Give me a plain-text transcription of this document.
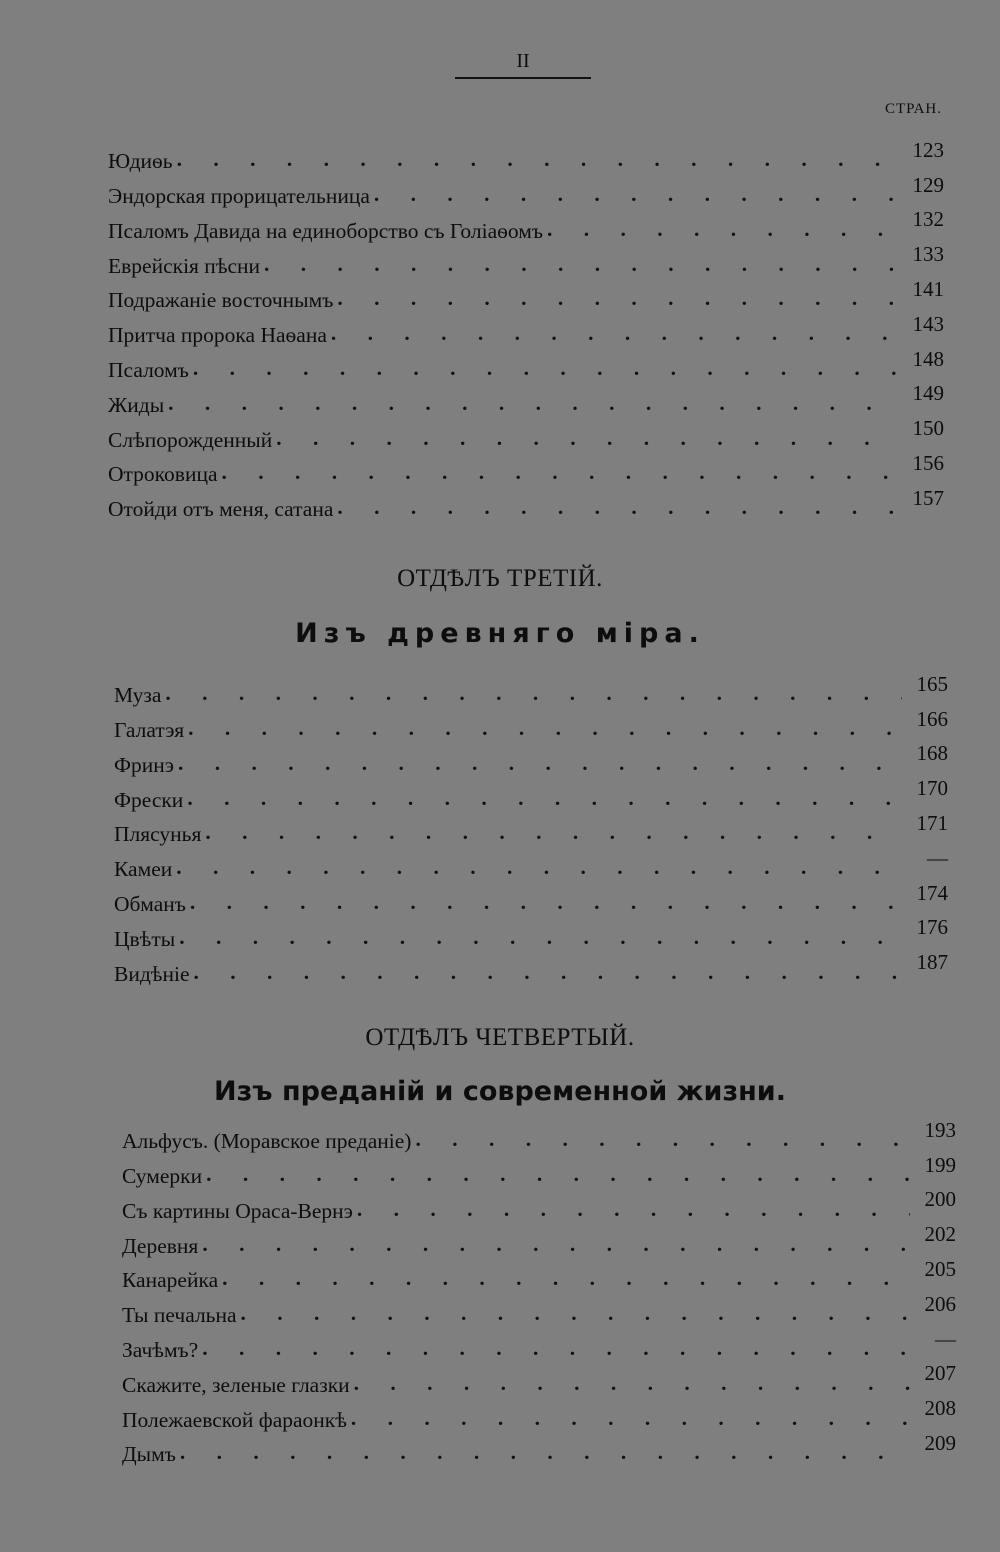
II
СТРАН.
Юдиѳь . . .	123
Эндорская прорицательница . . .	129
Псаломъ Давида на единоборство съ Голіаѳомъ . . .	132
Еврейскія пѣсни . . .	133
Подражаніе восточнымъ . . .	141
Притча пророка Наѳана . . .	143
Псаломъ . . .	148
Жиды . . .	149
Слѣпорожденный . . .	150
Отроковица . . .	156
Отойди отъ меня, сатана . . .	157
ОТДѢЛЪ ТРЕТІЙ.
Изъ древняго міра.
Муза . . .	165
Галатэя . . .	166
Фринэ . . .	168
Фрески . . .	170
Плясунья . . .	171
Камеи . . .	—
Обманъ . . .	174
Цвѣты . . .	176
Видѣніе . . .	187
ОТДѢЛЪ ЧЕТВЕРТЫЙ.
Изъ преданій и современной жизни.
Альфусъ. (Моравское преданіе) . . .	193
Сумерки . . .	199
Съ картины Ораса-Вернэ . . .	200
Деревня . . .	202
Канарейка . . .	205
Ты печальна . . .	206
Зачѣмъ? . . .	—
Скажите, зеленые глазки . . .	207
Полежаевской фараонкѣ . . .	208
Дымъ . . .	209
